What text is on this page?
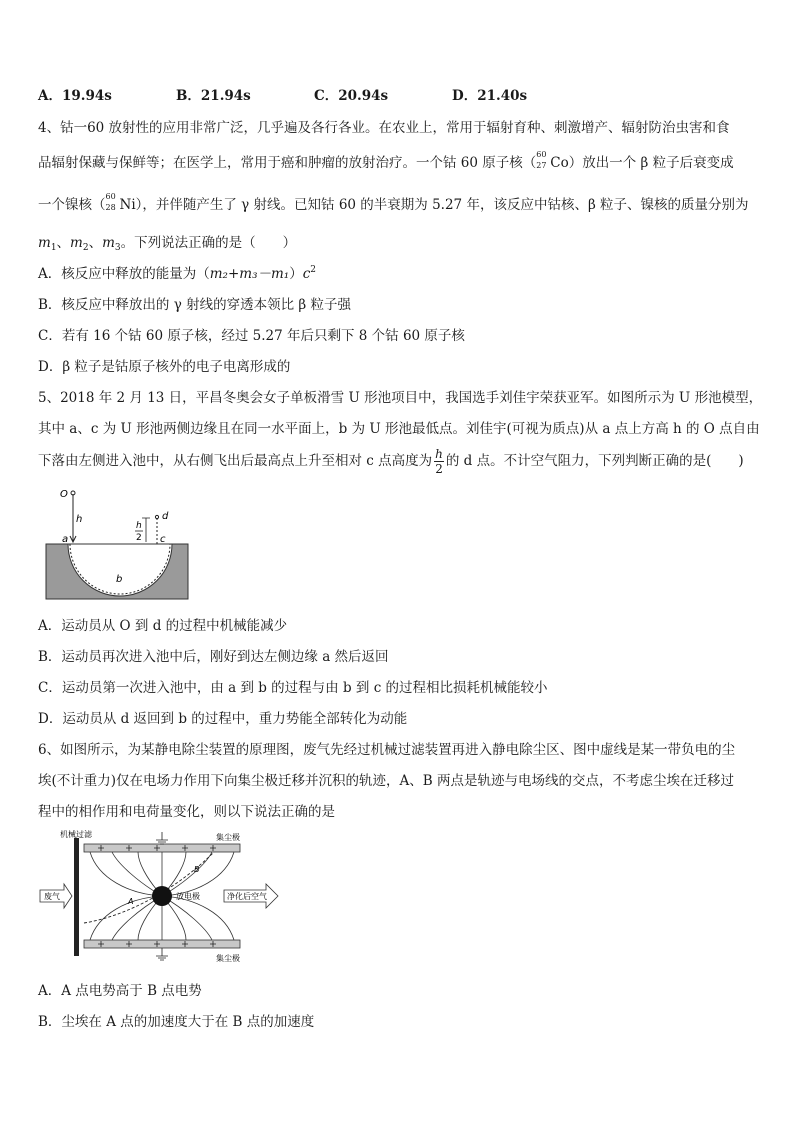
A．19.94s	B．21.94s	C．20.94s	D．21.40s
4、钴一60 放射性的应用非常广泛，几乎遍及各行各业。在农业上，常用于辐射育种、刺激增产、辐射防治虫害和食
品辐射保藏与保鲜等；在医学上，常用于癌和肿瘤的放射治疗。一个钴 60 原子核（
60
27 Co）放出一个 β 粒子后衰变成
一个镍核（
60
28 Ni），并伴随产生了 γ 射线。已知钴 60 的半衰期为 5.27 年，该反应中钴核、β 粒子、镍核的质量分别为
$m_1$、$m_2$、$m_3$。下列说法正确的是（　　）
A．核反应中释放的能量为$(m_2+m_3-m_1)c^2$
B．核反应中释放出的 γ 射线的穿透本领比 β 粒子强
C．若有 16 个钴 60 原子核，经过 5.27 年后只剩下 8 个钴 60 原子核
D．β 粒子是钴原子核外的电子电离形成的
5、2018 年 2 月 13 日，平昌冬奥会女子单板滑雪 U 形池项目中，我国选手刘佳宇荣获亚军。如图所示为 U 形池模型，
其中 a、c 为 U 形池两侧边缘且在同一水平面上，b 为 U 形池最低点。刘佳宇(可视为质点)从 a 点上方高 h 的 O 点自由
下落由左侧进入池中，从右侧飞出后最高点上升至相对 c 点高度为 $\frac{h}{2}$ 的 d 点。不计空气阻力，下列判断正确的是(　　)
O
h
a	c
d
b
h
2
A．运动员从 O 到 d 的过程中机械能减少
B．运动员再次进入池中后，刚好到达左侧边缘 a 然后返回
C．运动员第一次进入池中，由 a 到 b 的过程与由 b 到 c 的过程相比损耗机械能较小
D．运动员从 d 返回到 b 的过程中，重力势能全部转化为动能
6、如图所示，为某静电除尘装置的原理图，废气先经过机械过滤装置再进入静电除尘区、图中虚线是某一带负电的尘
埃(不计重力)仅在电场力作用下向集尘极迁移并沉积的轨迹，A、B 两点是轨迹与电场线的交点，不考虑尘埃在迁移过
程中的相作用和电荷量变化，则以下说法正确的是
机械过滤	集尘极
集尘极
放电极
A
B
废气	净化后空气
A．A 点电势高于 B 点电势
B．尘埃在 A 点的加速度大于在 B 点的加速度
